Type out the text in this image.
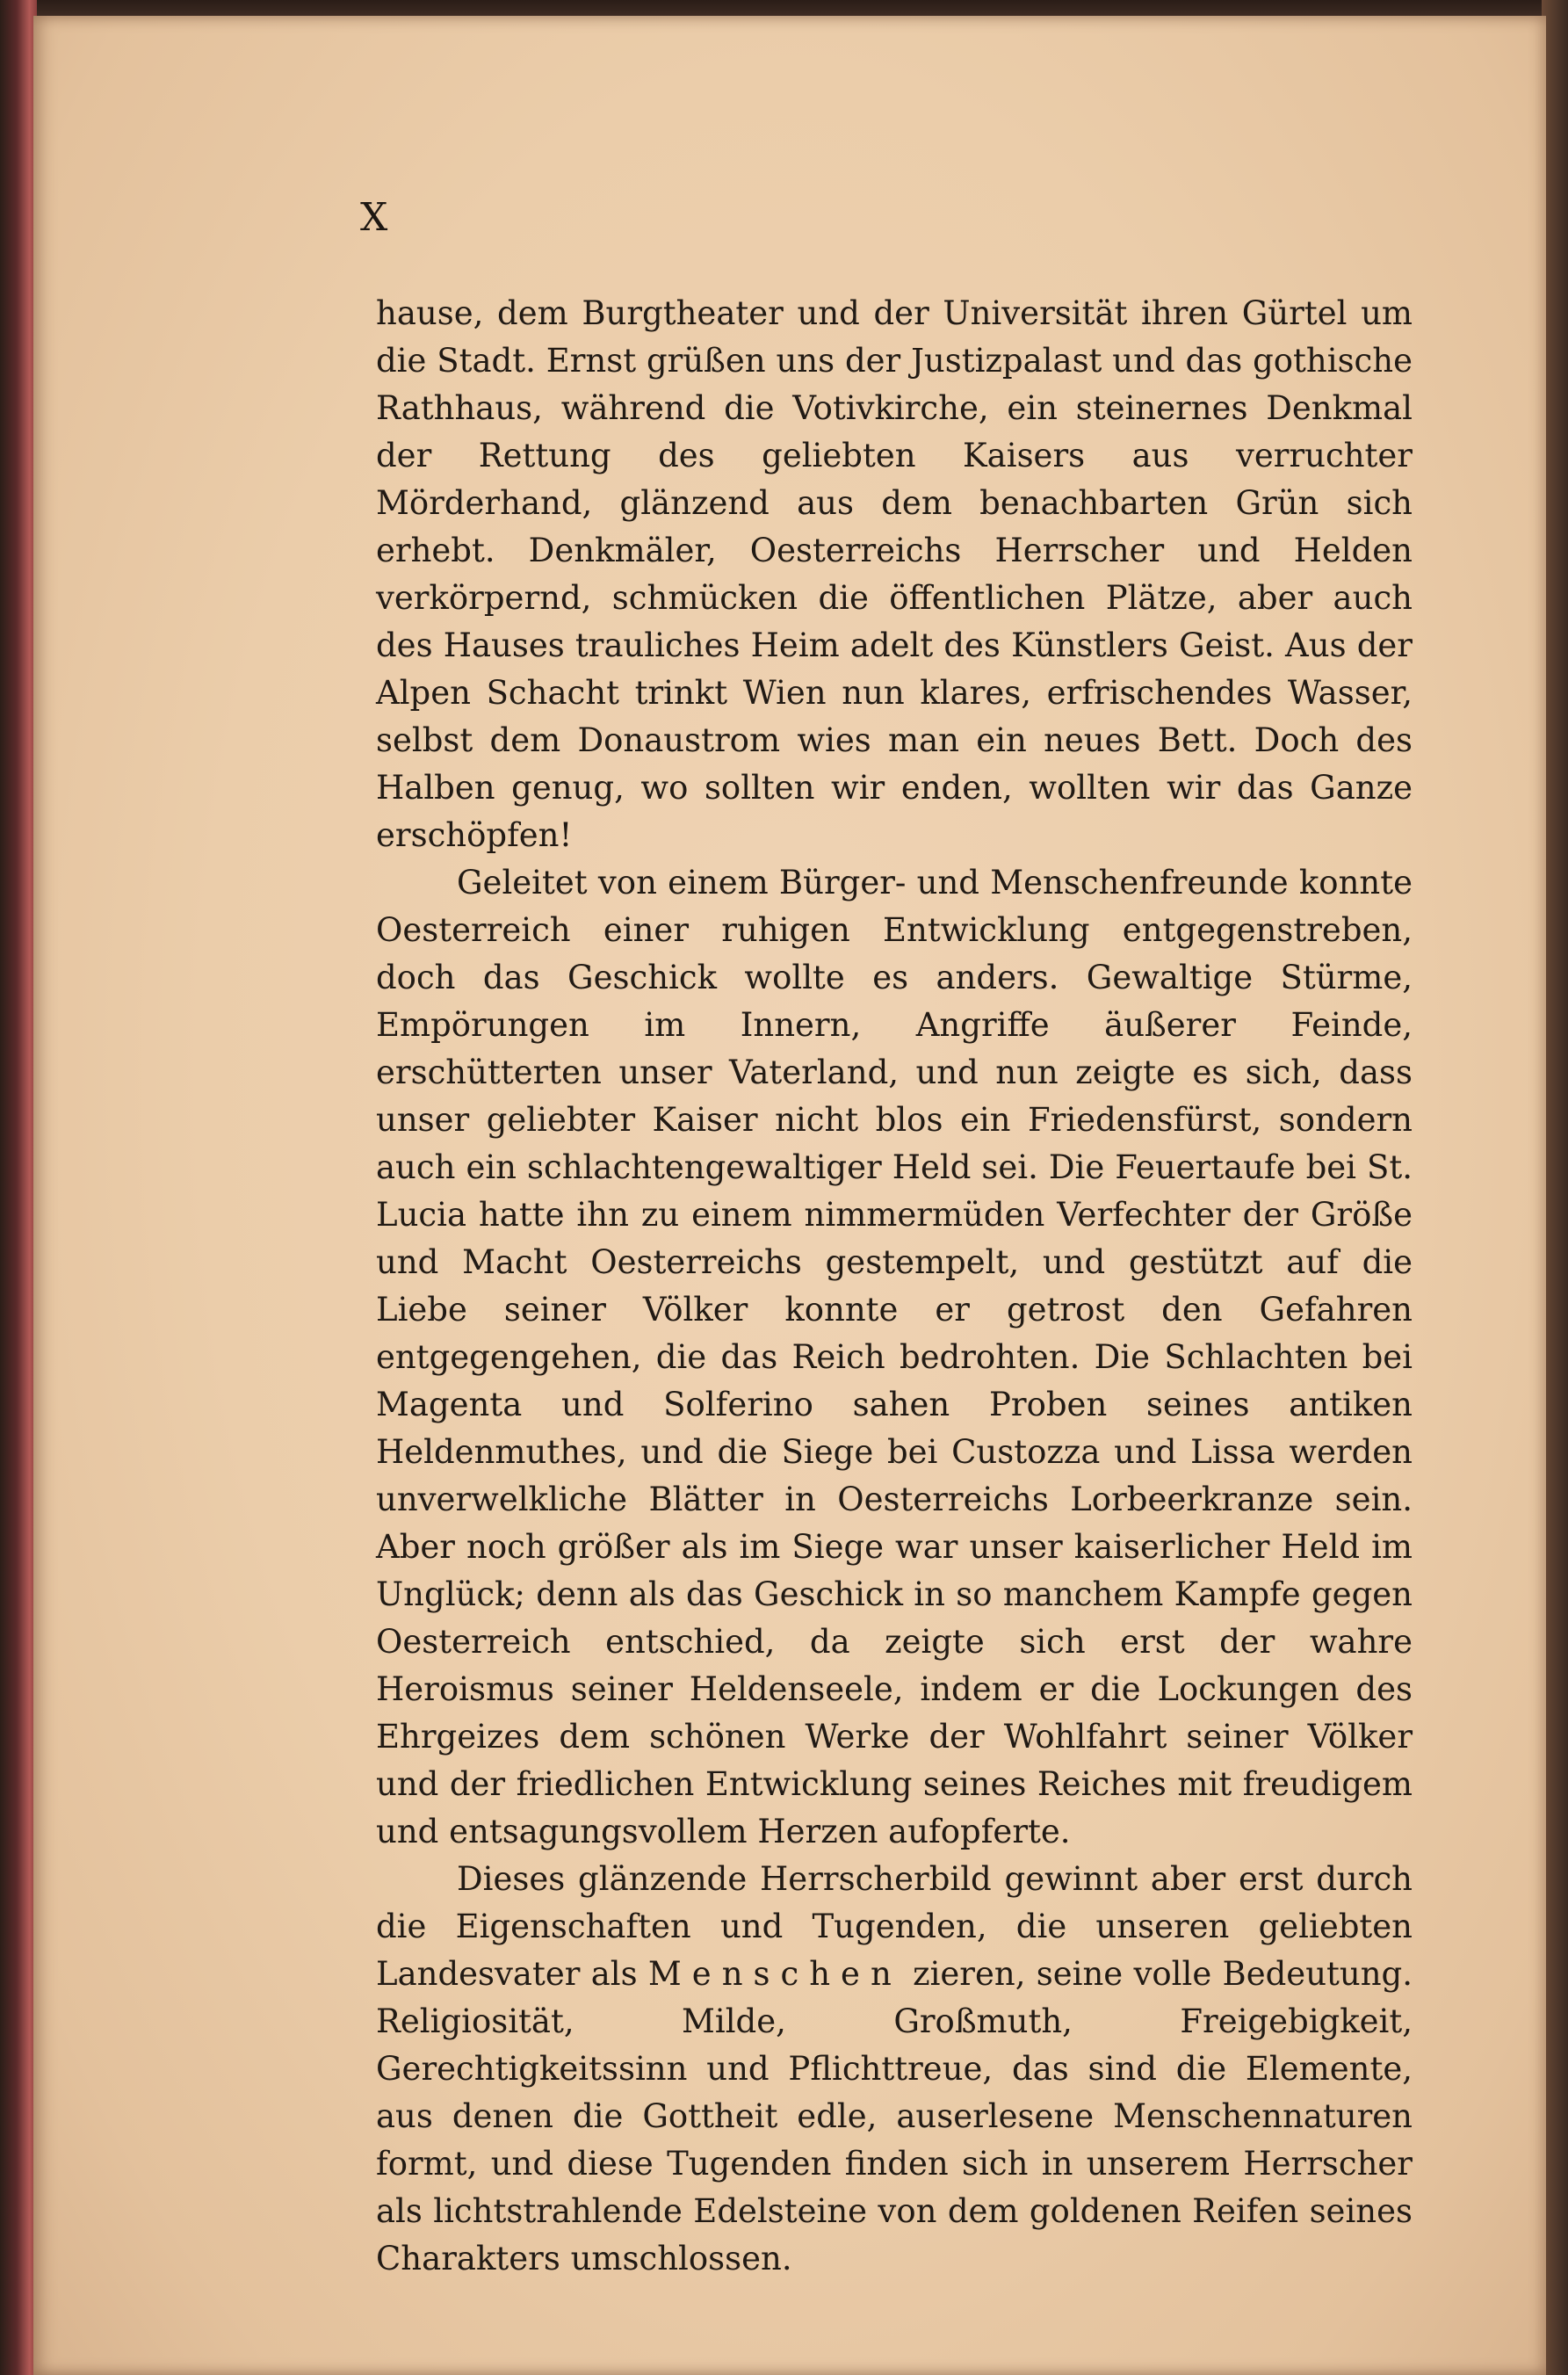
X

hause, dem Burgtheater und der Universität ihren Gürtel um die Stadt. Ernst grüßen uns der Justizpalast und das gothische Rathhaus, während die Votivkirche, ein steinernes Denkmal der Rettung des geliebten Kaisers aus verruchter Mörderhand, glänzend aus dem benachbarten Grün sich erhebt. Denkmäler, Oesterreichs Herrscher und Helden verkörpernd, schmücken die öffentlichen Plätze, aber auch des Hauses trauliches Heim adelt des Künstlers Geist. Aus der Alpen Schacht trinkt Wien nun klares, erfrischendes Wasser, selbst dem Donaustrom wies man ein neues Bett. Doch des Halben genug, wo sollten wir enden, wollten wir das Ganze erschöpfen!

Geleitet von einem Bürger- und Menschenfreunde konnte Oesterreich einer ruhigen Entwicklung entgegenstreben, doch das Geschick wollte es anders. Gewaltige Stürme, Empörungen im Innern, Angriffe äußerer Feinde, erschütterten unser Vaterland, und nun zeigte es sich, dass unser geliebter Kaiser nicht blos ein Friedensfürst, sondern auch ein schlachtengewaltiger Held sei. Die Feuertaufe bei St. Lucia hatte ihn zu einem nimmermüden Verfechter der Größe und Macht Oesterreichs gestempelt, und gestützt auf die Liebe seiner Völker konnte er getrost den Gefahren entgegengehen, die das Reich bedrohten. Die Schlachten bei Magenta und Solferino sahen Proben seines antiken Heldenmuthes, und die Siege bei Custozza und Lissa werden unverwelkliche Blätter in Oesterreichs Lorbeerkranze sein. Aber noch größer als im Siege war unser kaiserlicher Held im Unglück; denn als das Geschick in so manchem Kampfe gegen Oesterreich entschied, da zeigte sich erst der wahre Heroismus seiner Heldenseele, indem er die Lockungen des Ehrgeizes dem schönen Werke der Wohlfahrt seiner Völker und der friedlichen Entwicklung seines Reiches mit freudigem und entsagungsvollem Herzen aufopferte.

Dieses glänzende Herrscherbild gewinnt aber erst durch die Eigenschaften und Tugenden, die unseren geliebten Landesvater als Menschen zieren, seine volle Bedeutung. Religiosität, Milde, Großmuth, Freigebigkeit, Gerechtigkeitssinn und Pflichttreue, das sind die Elemente, aus denen die Gottheit edle, auserlesene Menschennaturen formt, und diese Tugenden finden sich in unserem Herrscher als lichtstrahlende Edelsteine von dem goldenen Reifen seines Charakters umschlossen.
